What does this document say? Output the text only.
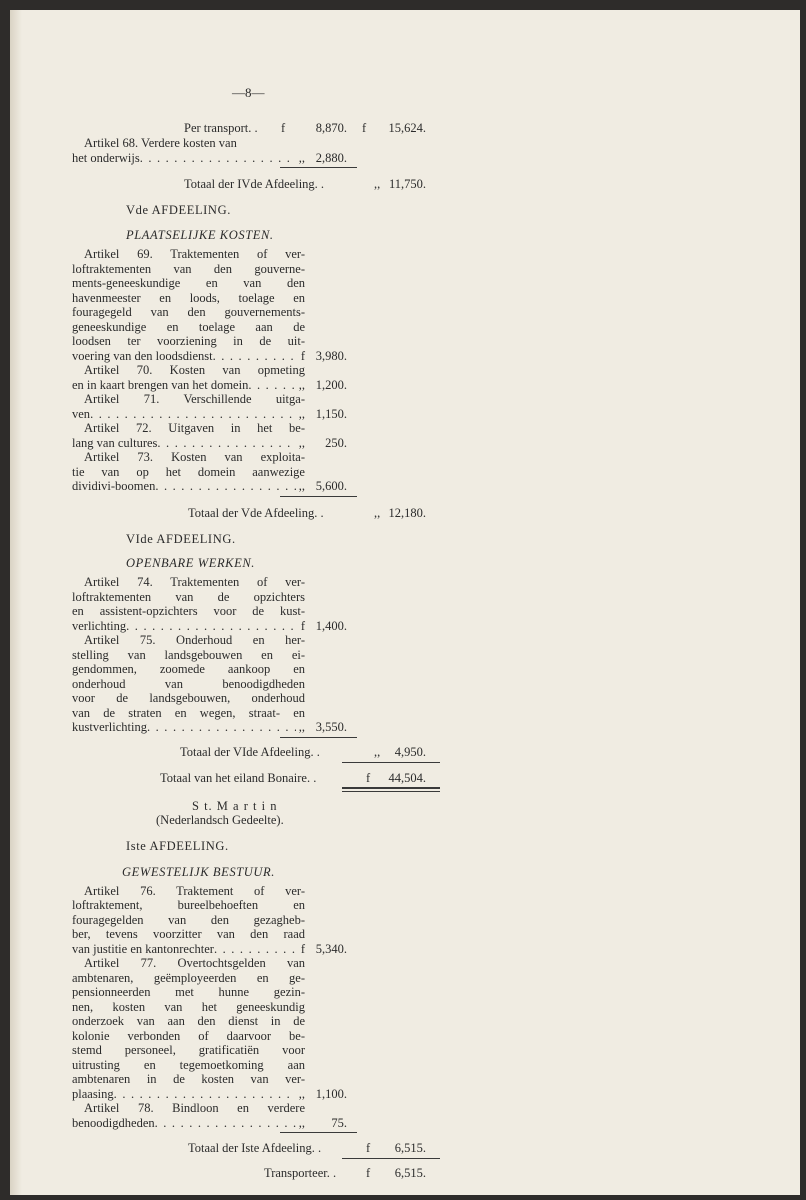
—8—
Per transport. . f	8,870. f	15,624.
Artikel 68. Verdere kosten van
het onderwijs . . .	,, 2,880.
Totaal der IVde Afdeeling. .	,, 11,750.
Vde AFDEELING.
PLAATSELIJKE KOSTEN.
Artikel 69. Traktementen of ver-
loftraktementen van den gouverne-
ments-geneeskundige en van den
havenmeester en loods, toelage en
fouragegeld van den gouvernements-
geneeskundige en toelage aan de
loodsen ter voorziening in de uit-
voering van den loodsdienst . . .	f 3,980.
Artikel 70. Kosten van opmeting
en in kaart brengen van het domein . . .	,, 1,200.
Artikel 71. Verschillende uitga-
ven . . .	,, 1,150.
Artikel 72. Uitgaven in het be-
lang van cultures . . .	,,	250.
Artikel 73. Kosten van exploita-
tie van op het domein aanwezige
dividivi-boomen . . .	,, 5,600.
Totaal der Vde Afdeeling. .	,, 12,180.
VIde AFDEELING.
OPENBARE WERKEN.
Artikel 74. Traktementen of ver-
loftraktementen van de opzichters
en assistent-opzichters voor de kust-
verlichting . . .	f 1,400.
Artikel 75. Onderhoud en her-
stelling van landsgebouwen en ei-
gendommen, zoomede aankoop en
onderhoud van benoodigdheden
voor de landsgebouwen, onderhoud
van de straten en wegen, straat- en
kustverlichting . . .	,, 3,550.
Totaal der VIde Afdeeling. .	,,	4,950.
Totaal van het eiland Bonaire. .	f	44,504.
S t. M a r t i n
(Nederlandsch Gedeelte).
Iste AFDEELING.
GEWESTELIJK BESTUUR.
Artikel 76. Traktement of ver-
loftraktement, bureelbehoeften en
fouragegelden van den gezagheb-
ber, tevens voorzitter van den raad
van justitie en kantonrechter . . .	f 5,340.
Artikel 77. Overtochtsgelden van
ambtenaren, geëmployeerden en ge-
pensionneerden met hunne gezin-
nen, kosten van het geneeskundig
onderzoek van aan den dienst in de
kolonie verbonden of daarvoor be-
stemd personeel, gratificatiën voor
uitrusting en tegemoetkoming aan
ambtenaren in de kosten van ver-
plaasing . . .	,, 1,100.
Artikel 78. Bindloon en verdere
benoodigdheden . . .	,,	75.
Totaal der Iste Afdeeling. .	f	6,515.
Transporteer. . f	6,515.
